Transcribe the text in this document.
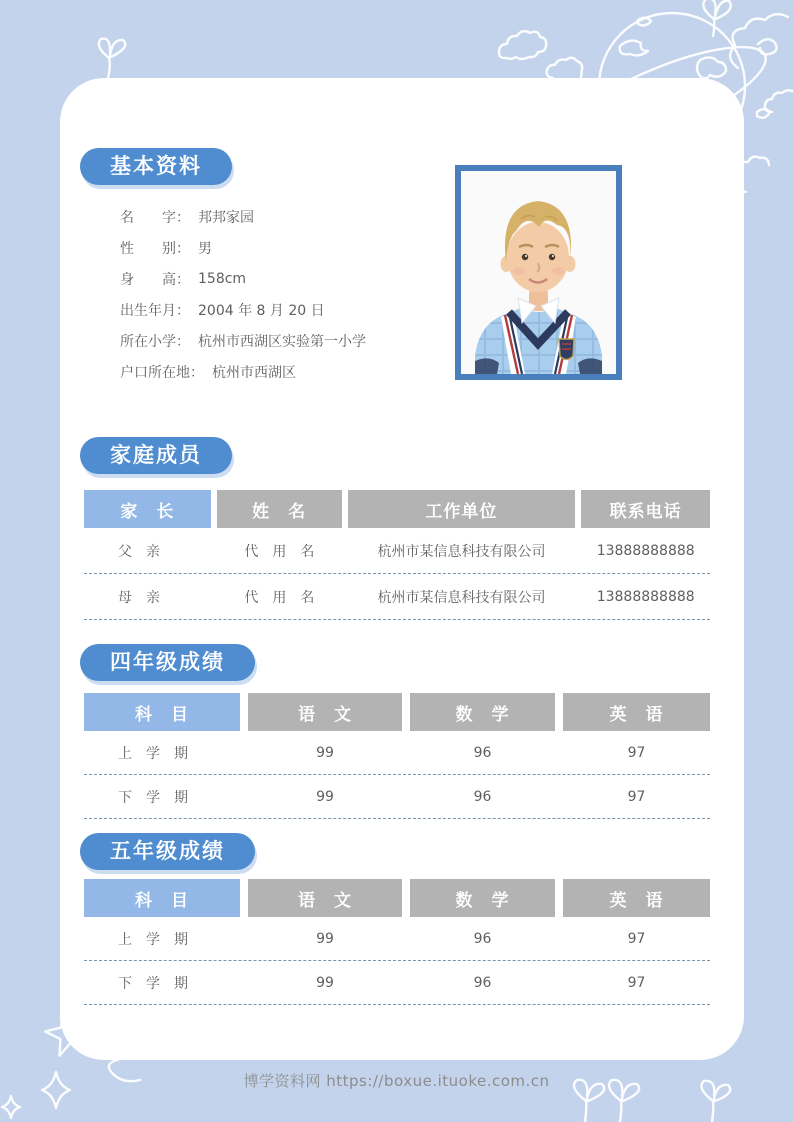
基本资料
名　　字： 邦邦家园
性　　别： 男
身　　高： 158cm
出生年月： 2004 年 8 月 20 日
所在小学： 杭州市西湖区实验第一小学
户口所在地： 杭州市西湖区
家庭成员
家　长	姓　名	工作单位	联系电话
父　亲	代　用　名	杭州市某信息科技有限公司	13888888888
母　亲	代　用　名	杭州市某信息科技有限公司	13888888888
四年级成绩
科　目	语　文	数　学	英　语
上　学　期	99	96	97
下　学　期	99	96	97
五年级成绩
科　目	语　文	数　学	英　语
上　学　期	99	96	97
下　学　期	99	96	97
博学资料网 https://boxue.ituoke.com.cn
